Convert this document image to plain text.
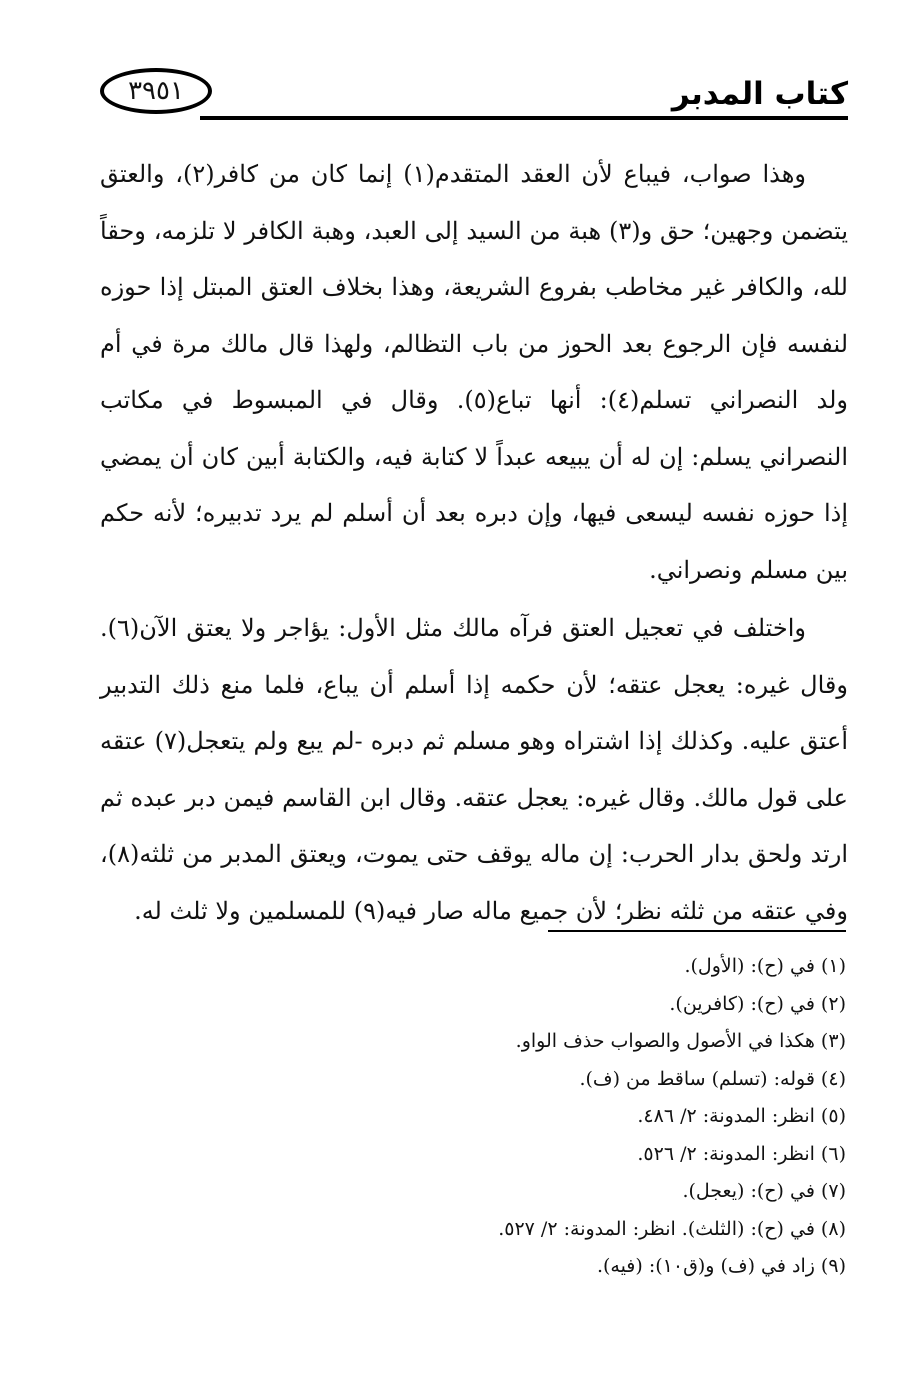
كتاب المدبر
٣٩٥١

وهذا صواب، فيباع لأن العقد المتقدم(١) إنما كان من كافر(٢)، والعتق يتضمن وجهين؛ حق و(٣) هبة من السيد إلى العبد، وهبة الكافر لا تلزمه، وحقاً لله، والكافر غير مخاطب بفروع الشريعة، وهذا بخلاف العتق المبتل إذا حوزه لنفسه فإن الرجوع بعد الحوز من باب التظالم، ولهذا قال مالك مرة في أم ولد النصراني تسلم(٤): أنها تباع(٥). وقال في المبسوط في مكاتب النصراني يسلم: إن له أن يبيعه عبداً لا كتابة فيه، والكتابة أبين كان أن يمضي إذا حوزه نفسه ليسعى فيها، وإن دبره بعد أن أسلم لم يرد تدبيره؛ لأنه حكم بين مسلم ونصراني.

واختلف في تعجيل العتق فرآه مالك مثل الأول: يؤاجر ولا يعتق الآن(٦). وقال غيره: يعجل عتقه؛ لأن حكمه إذا أسلم أن يباع، فلما منع ذلك التدبير أعتق عليه. وكذلك إذا اشتراه وهو مسلم ثم دبره -لم يبع ولم يتعجل(٧) عتقه على قول مالك. وقال غيره: يعجل عتقه. وقال ابن القاسم فيمن دبر عبده ثم ارتد ولحق بدار الحرب: إن ماله يوقف حتى يموت، ويعتق المدبر من ثلثه(٨)، وفي عتقه من ثلثه نظر؛ لأن جميع ماله صار فيه(٩) للمسلمين ولا ثلث له.

(١) في (ح): (الأول).
(٢) في (ح): (كافرين).
(٣) هكذا في الأصول والصواب حذف الواو.
(٤) قوله: (تسلم) ساقط من (ف).
(٥) انظر: المدونة: ٢/ ٤٨٦.
(٦) انظر: المدونة: ٢/ ٥٢٦.
(٧) في (ح): (يعجل).
(٨) في (ح): (الثلث). انظر: المدونة: ٢/ ٥٢٧.
(٩) زاد في (ف) و(ق١٠): (فيه).
